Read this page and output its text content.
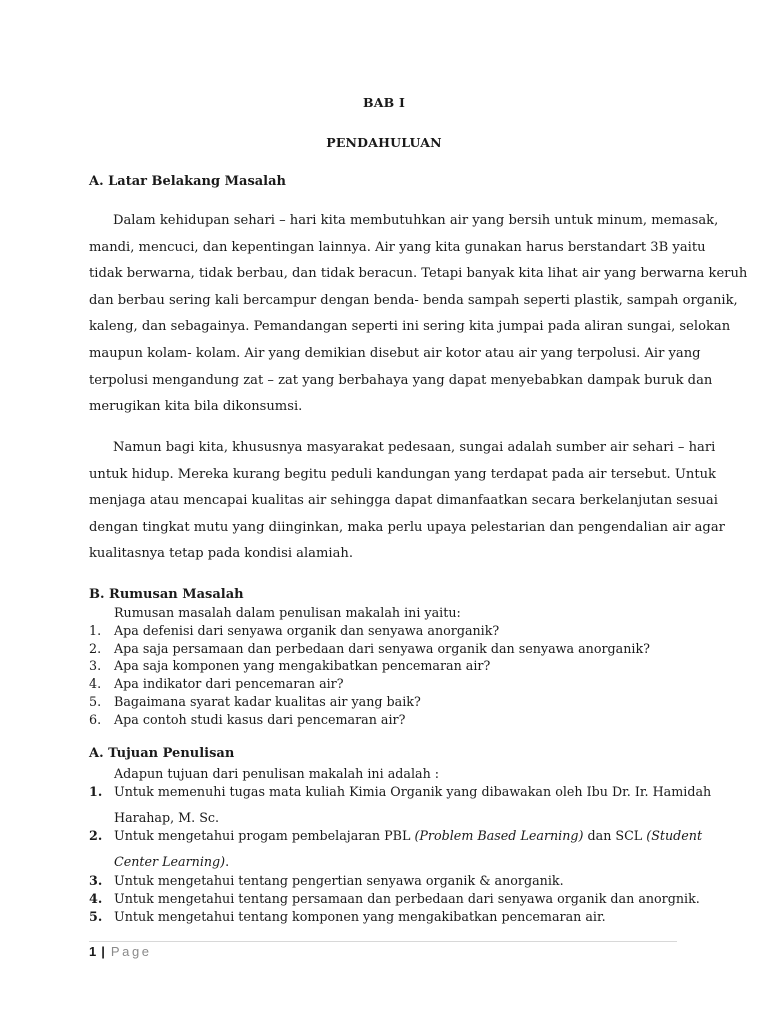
BAB I
PENDAHULUAN
A. Latar Belakang Masalah
Dalam kehidupan sehari – hari kita membutuhkan air yang bersih untuk minum, memasak,
mandi, mencuci, dan kepentingan lainnya. Air yang kita gunakan harus berstandart 3B yaitu
tidak berwarna, tidak berbau, dan tidak beracun. Tetapi banyak kita lihat air yang berwarna keruh
dan berbau sering kali bercampur dengan benda- benda sampah seperti plastik, sampah organik,
kaleng, dan sebagainya. Pemandangan seperti ini sering kita jumpai pada aliran sungai, selokan
maupun kolam- kolam. Air yang demikian disebut air kotor atau air yang terpolusi. Air yang
terpolusi mengandung zat – zat yang berbahaya yang dapat menyebabkan dampak buruk dan
merugikan kita bila dikonsumsi.
Namun bagi kita, khususnya masyarakat pedesaan, sungai adalah sumber air sehari – hari
untuk hidup. Mereka kurang begitu peduli kandungan yang terdapat pada air tersebut. Untuk
menjaga atau mencapai kualitas air sehingga dapat dimanfaatkan secara berkelanjutan sesuai
dengan tingkat mutu yang diinginkan, maka perlu upaya pelestarian dan pengendalian air agar
kualitasnya tetap pada kondisi alamiah.
B. Rumusan Masalah
Rumusan masalah dalam penulisan makalah ini yaitu:
1. Apa defenisi dari senyawa organik dan senyawa anorganik?
2. Apa saja persamaan dan perbedaan dari senyawa organik dan senyawa anorganik?
3. Apa saja komponen yang mengakibatkan pencemaran air?
4. Apa indikator dari pencemaran air?
5. Bagaimana syarat kadar kualitas air yang baik?
6. Apa contoh studi kasus dari pencemaran air?
A. Tujuan Penulisan
Adapun tujuan dari penulisan makalah ini adalah :
1. Untuk memenuhi tugas mata kuliah Kimia Organik yang dibawakan oleh Ibu Dr. Ir. Hamidah
Harahap, M. Sc.
2. Untuk mengetahui progam pembelajaran PBL (Problem Based Learning) dan SCL (Student
Center Learning).
3. Untuk mengetahui tentang pengertian senyawa organik & anorganik.
4. Untuk mengetahui tentang persamaan dan perbedaan dari senyawa organik dan anorgnik.
5. Untuk mengetahui tentang komponen yang mengakibatkan pencemaran air.
1 | Page
